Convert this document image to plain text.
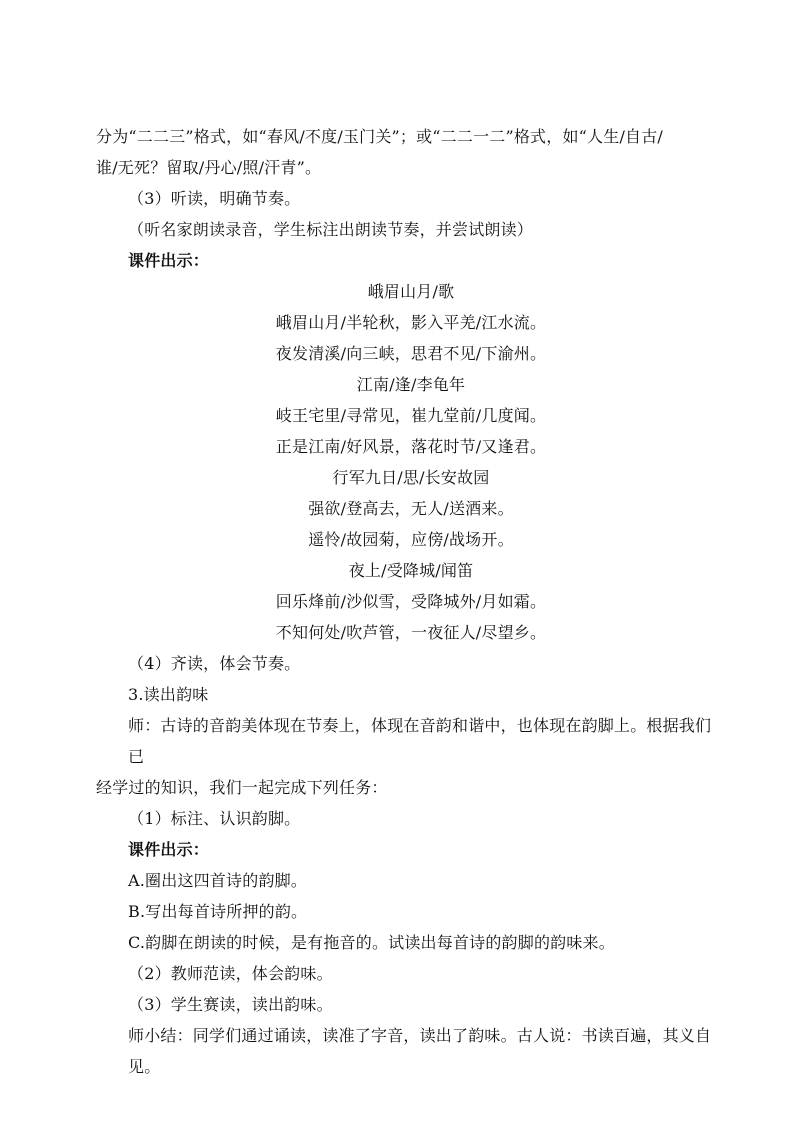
分为“二二三”格式，如“春风/不度/玉门关”；或“二二一二”格式，如“人生/自古/

谁/无死？留取/丹心/照/汗青”。

（3）听读，明确节奏。

（听名家朗读录音，学生标注出朗读节奏，并尝试朗读）

课件出示：

峨眉山月/歌

峨眉山月/半轮秋，影入平羌/江水流。

夜发清溪/向三峡，思君不见/下渝州。

江南/逢/李龟年

岐王宅里/寻常见，崔九堂前/几度闻。

正是江南/好风景，落花时节/又逢君。

行军九日/思/长安故园

强欲/登高去，无人/送酒来。

遥怜/故园菊，应傍/战场开。

夜上/受降城/闻笛

回乐烽前/沙似雪，受降城外/月如霜。

不知何处/吹芦管，一夜征人/尽望乡。

（4）齐读，体会节奏。

3.读出韵味

师：古诗的音韵美体现在节奏上，体现在音韵和谐中，也体现在韵脚上。根据我们已

经学过的知识，我们一起完成下列任务：

（1）标注、认识韵脚。

课件出示：

A.圈出这四首诗的韵脚。

B.写出每首诗所押的韵。

C.韵脚在朗读的时候，是有拖音的。试读出每首诗的韵脚的韵味来。

（2）教师范读，体会韵味。

（3）学生赛读，读出韵味。

师小结：同学们通过诵读，读准了字音，读出了韵味。古人说：书读百遍，其义自见。
